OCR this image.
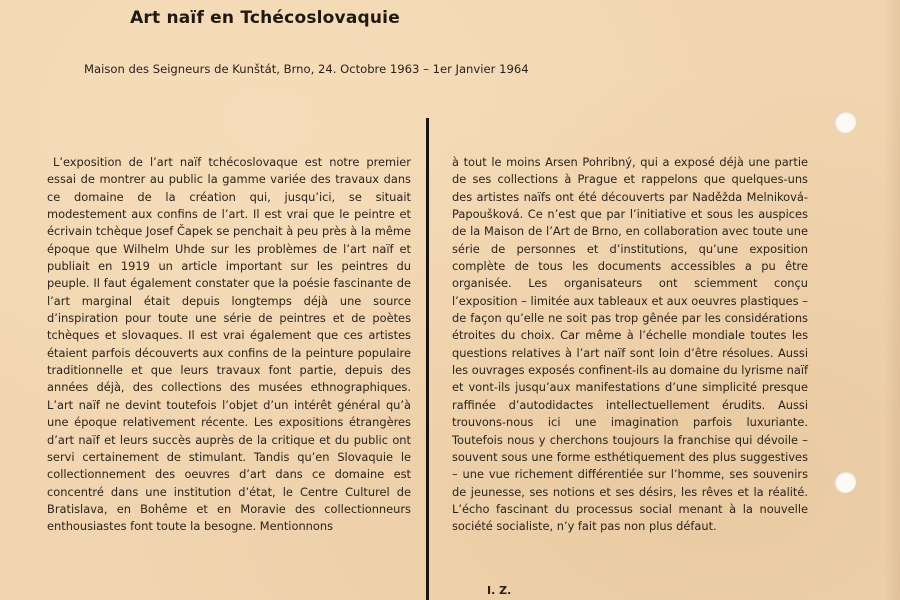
Art naïf en Tchécoslovaquie
Maison des Seigneurs de Kunštát, Brno, 24. Octobre 1963 – 1er Janvier 1964

L’exposition de l’art naïf tchécoslovaque est notre premier essai de montrer au public la gamme variée des travaux dans ce domaine de la création qui, jusqu’ici, se situait modestement aux confins de l’art. Il est vrai que le peintre et écrivain tchèque Josef Čapek se penchait à peu près à la même époque que Wilhelm Uhde sur les problèmes de l’art naïf et publiait en 1919 un article important sur les peintres du peuple. Il faut également constater que la poésie fascinante de l’art marginal était depuis longtemps déjà une source d’inspiration pour toute une série de peintres et de poètes tchèques et slovaques. Il est vrai également que ces artistes étaient parfois découverts aux confins de la peinture populaire traditionnelle et que leurs travaux font partie, depuis des années déjà, des collections des musées ethnographiques. L’art naïf ne devint toutefois l’objet d’un intérêt général qu’à une époque relativement récente. Les expositions étrangères d’art naïf et leurs succès auprès de la critique et du public ont servi certainement de stimulant. Tandis qu’en Slovaquie le collectionnement des oeuvres d’art dans ce domaine est concentré dans une institution d’état, le Centre Culturel de Bratislava, en Bohême et en Moravie des collectionneurs enthousiastes font toute la besogne. Mentionnons

à tout le moins Arsen Pohribný, qui a exposé déjà une partie de ses collections à Prague et rappelons que quelques-uns des artistes naïfs ont été découverts par Naděžda Melniková-Papoušková. Ce n’est que par l’initiative et sous les auspices de la Maison de l’Art de Brno, en collaboration avec toute une série de personnes et d’institutions, qu’une exposition complète de tous les documents accessibles a pu être organisée. Les organisateurs ont sciemment conçu l’exposition – limitée aux tableaux et aux oeuvres plastiques – de façon qu’elle ne soit pas trop gênée par les considérations étroites du choix. Car même à l’échelle mondiale toutes les questions relatives à l’art naïf sont loin d’être résolues. Aussi les ouvrages exposés confinent-ils au domaine du lyrisme naïf et vont-ils jusqu’aux manifestations d’une simplicité presque raffinée d’autodidactes intellectuellement érudits. Aussi trouvons-nous ici une imagination parfois luxuriante. Toutefois nous y cherchons toujours la franchise qui dévoile – souvent sous une forme esthétiquement des plus suggestives – une vue richement différentiée sur l’homme, ses souvenirs de jeunesse, ses notions et ses désirs, les rêves et la réalité. L’écho fascinant du processus social menant à la nouvelle société socialiste, n’y fait pas non plus défaut.

I. Z.
